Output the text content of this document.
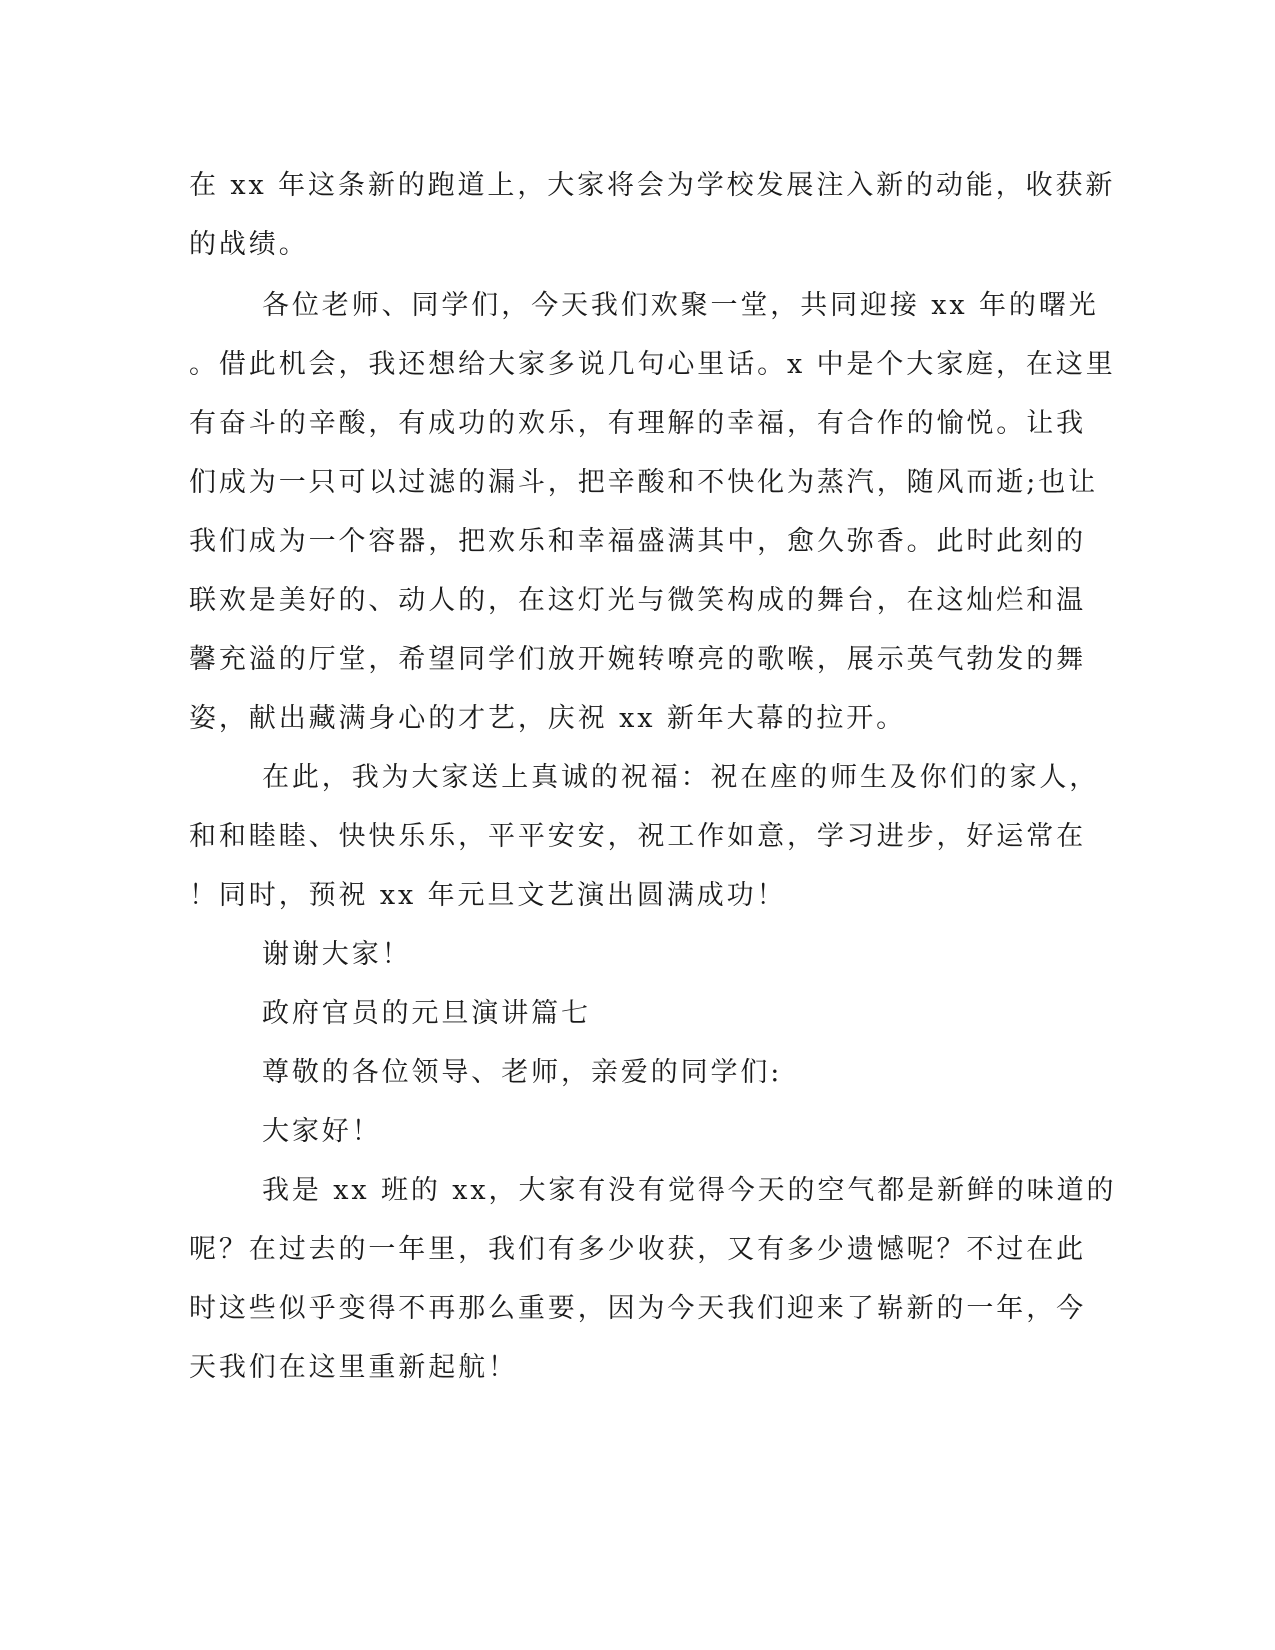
在 xx 年这条新的跑道上，大家将会为学校发展注入新的动能，收获新
的战绩。
各位老师、同学们，今天我们欢聚一堂，共同迎接 xx 年的曙光
。借此机会，我还想给大家多说几句心里话。x 中是个大家庭，在这里
有奋斗的辛酸，有成功的欢乐，有理解的幸福，有合作的愉悦。让我
们成为一只可以过滤的漏斗，把辛酸和不快化为蒸汽，随风而逝;也让
我们成为一个容器，把欢乐和幸福盛满其中，愈久弥香。此时此刻的
联欢是美好的、动人的，在这灯光与微笑构成的舞台，在这灿烂和温
馨充溢的厅堂，希望同学们放开婉转嘹亮的歌喉，展示英气勃发的舞
姿，献出藏满身心的才艺，庆祝 xx 新年大幕的拉开。
在此，我为大家送上真诚的祝福：祝在座的师生及你们的家人，
和和睦睦、快快乐乐，平平安安，祝工作如意，学习进步，好运常在
！同时，预祝 xx 年元旦文艺演出圆满成功！
谢谢大家！
政府官员的元旦演讲篇七
尊敬的各位领导、老师，亲爱的同学们:
大家好！
我是 xx 班的 xx，大家有没有觉得今天的空气都是新鲜的味道的
呢？在过去的一年里，我们有多少收获，又有多少遗憾呢？不过在此
时这些似乎变得不再那么重要，因为今天我们迎来了崭新的一年，今
天我们在这里重新起航！
